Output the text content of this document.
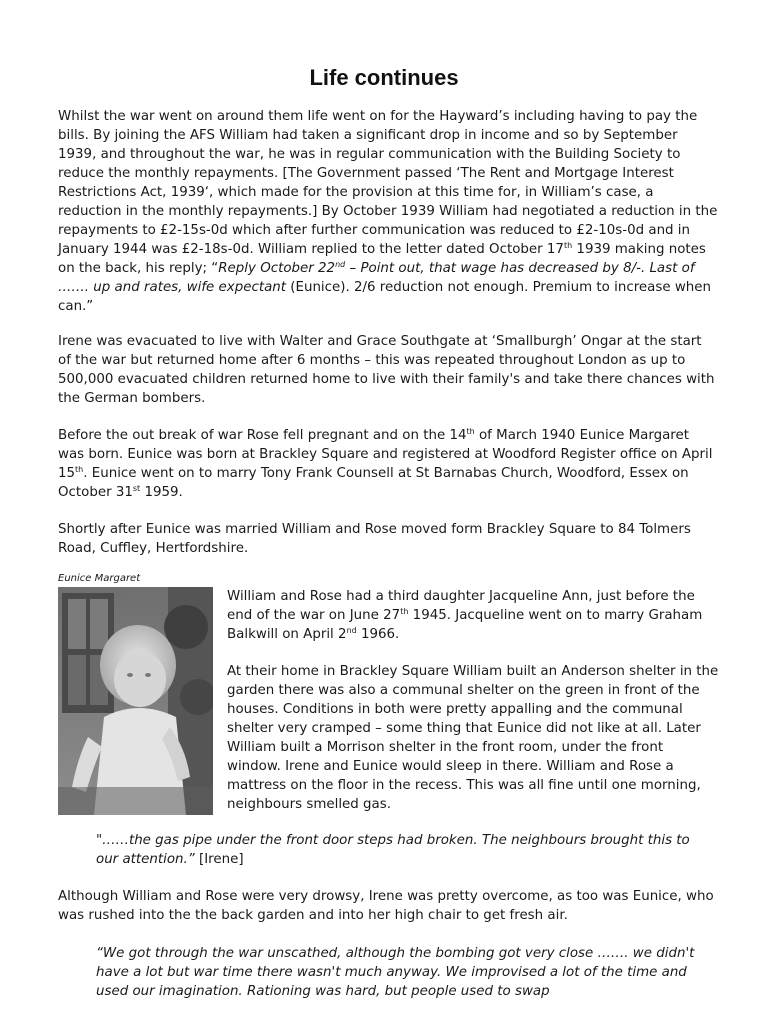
Life continues

Whilst the war went on around them life went on for the Hayward’s including having to pay the bills. By joining the AFS William had taken a significant drop in income and so by September 1939, and throughout the war, he was in regular communication with the Building Society to reduce the monthly repayments. [The Government passed ‘The Rent and Mortgage Interest Restrictions Act, 1939‘, which made for the provision at this time for, in William’s case, a reduction in the monthly repayments.] By October 1939 William had negotiated a reduction in the repayments to £2-15s-0d which after further communication was reduced to £2-10s-0d and in January 1944 was £2-18s-0d. William replied to the letter dated October 17th 1939 making notes on the back, his reply; “Reply October 22nd – Point out, that wage has decreased by 8/-. Last of ……. up and rates, wife expectant (Eunice). 2/6 reduction not enough. Premium to increase when can.”

Irene was evacuated to live with Walter and Grace Southgate at ‘Smallburgh’ Ongar at the start of the war but returned home after 6 months – this was repeated throughout London as up to 500,000 evacuated children returned home to live with their family's and take there chances with the German bombers.

Before the out break of war Rose fell pregnant and on the 14th of March 1940 Eunice Margaret was born. Eunice was born at Brackley Square and registered at Woodford Register office on April 15th. Eunice went on to marry Tony Frank Counsell at St Barnabas Church, Woodford, Essex on October 31st 1959.

Shortly after Eunice was married William and Rose moved form Brackley Square to 84 Tolmers Road, Cuffley, Hertfordshire.

Eunice Margaret

William and Rose had a third daughter Jacqueline Ann, just before the end of the war on June 27th 1945. Jacqueline went on to marry Graham Balkwill on April 2nd 1966.

At their home in Brackley Square William built an Anderson shelter in the garden there was also a communal shelter on the green in front of the houses. Conditions in both were pretty appalling and the communal shelter very cramped – some thing that Eunice did not like at all. Later William built a Morrison shelter in the front room, under the front window. Irene and Eunice would sleep in there. William and Rose a mattress on the floor in the recess. This was all fine until one morning, neighbours smelled gas.

"……the gas pipe under the front door steps had broken. The neighbours brought this to our attention.” [Irene]

Although William and Rose were very drowsy, Irene was pretty overcome, as too was Eunice, who was rushed into the the back garden and into her high chair to get fresh air.

“We got through the war unscathed, although the bombing got very close ……. we didn't have a lot but war time there wasn't much anyway. We improvised a lot of the time and used our imagination. Rationing was hard, but people used to swap
